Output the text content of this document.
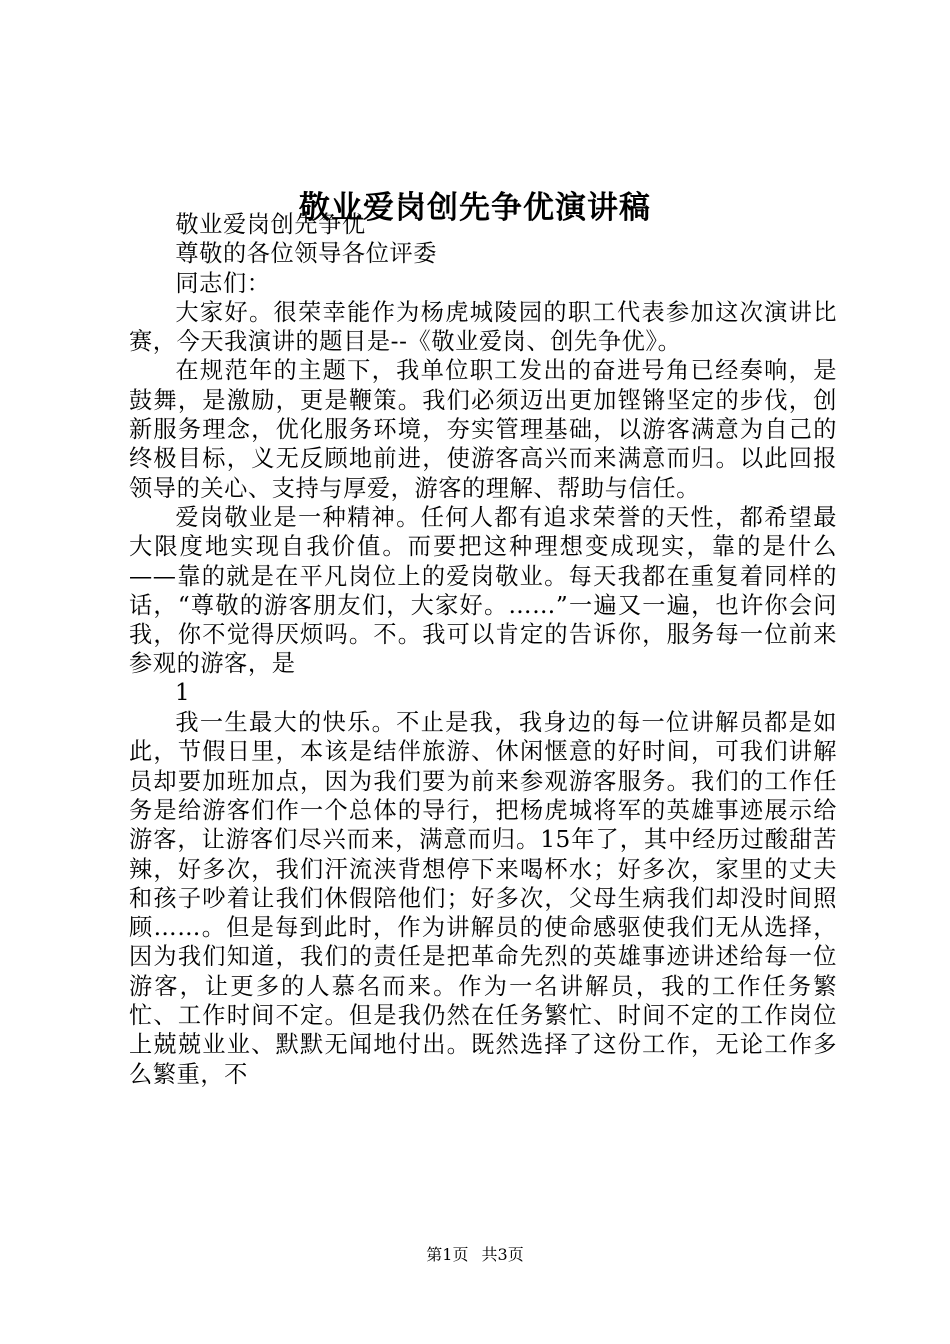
敬业爱岗创先争优演讲稿

敬业爱岗创先争优

尊敬的各位领导各位评委

同志们：

大家好。很荣幸能作为杨虎城陵园的职工代表参加这次演讲比赛，今天我演讲的题目是--《敬业爱岗、创先争优》。

在规范年的主题下，我单位职工发出的奋进号角已经奏响，是鼓舞，是激励，更是鞭策。我们必须迈出更加铿锵坚定的步伐，创新服务理念，优化服务环境，夯实管理基础，以游客满意为自己的终极目标，义无反顾地前进，使游客高兴而来满意而归。以此回报领导的关心、支持与厚爱，游客的理解、帮助与信任。

爱岗敬业是一种精神。任何人都有追求荣誉的天性，都希望最大限度地实现自我价值。而要把这种理想变成现实，靠的是什么——靠的就是在平凡岗位上的爱岗敬业。每天我都在重复着同样的话，“尊敬的游客朋友们，大家好。……”一遍又一遍，也许你会问我，你不觉得厌烦吗。不。我可以肯定的告诉你，服务每一位前来参观的游客，是

1

我一生最大的快乐。不止是我，我身边的每一位讲解员都是如此，节假日里，本该是结伴旅游、休闲惬意的好时间，可我们讲解员却要加班加点，因为我们要为前来参观游客服务。我们的工作任务是给游客们作一个总体的导行，把杨虎城将军的英雄事迹展示给游客，让游客们尽兴而来，满意而归。15年了，其中经历过酸甜苦辣，好多次，我们汗流浃背想停下来喝杯水；好多次，家里的丈夫和孩子吵着让我们休假陪他们；好多次，父母生病我们却没时间照顾……。但是每到此时，作为讲解员的使命感驱使我们无从选择，因为我们知道，我们的责任是把革命先烈的英雄事迹讲述给每一位游客，让更多的人慕名而来。作为一名讲解员，我的工作任务繁忙、工作时间不定。但是我仍然在任务繁忙、时间不定的工作岗位上兢兢业业、默默无闻地付出。既然选择了这份工作，无论工作多么繁重，不

第1页 共3页
